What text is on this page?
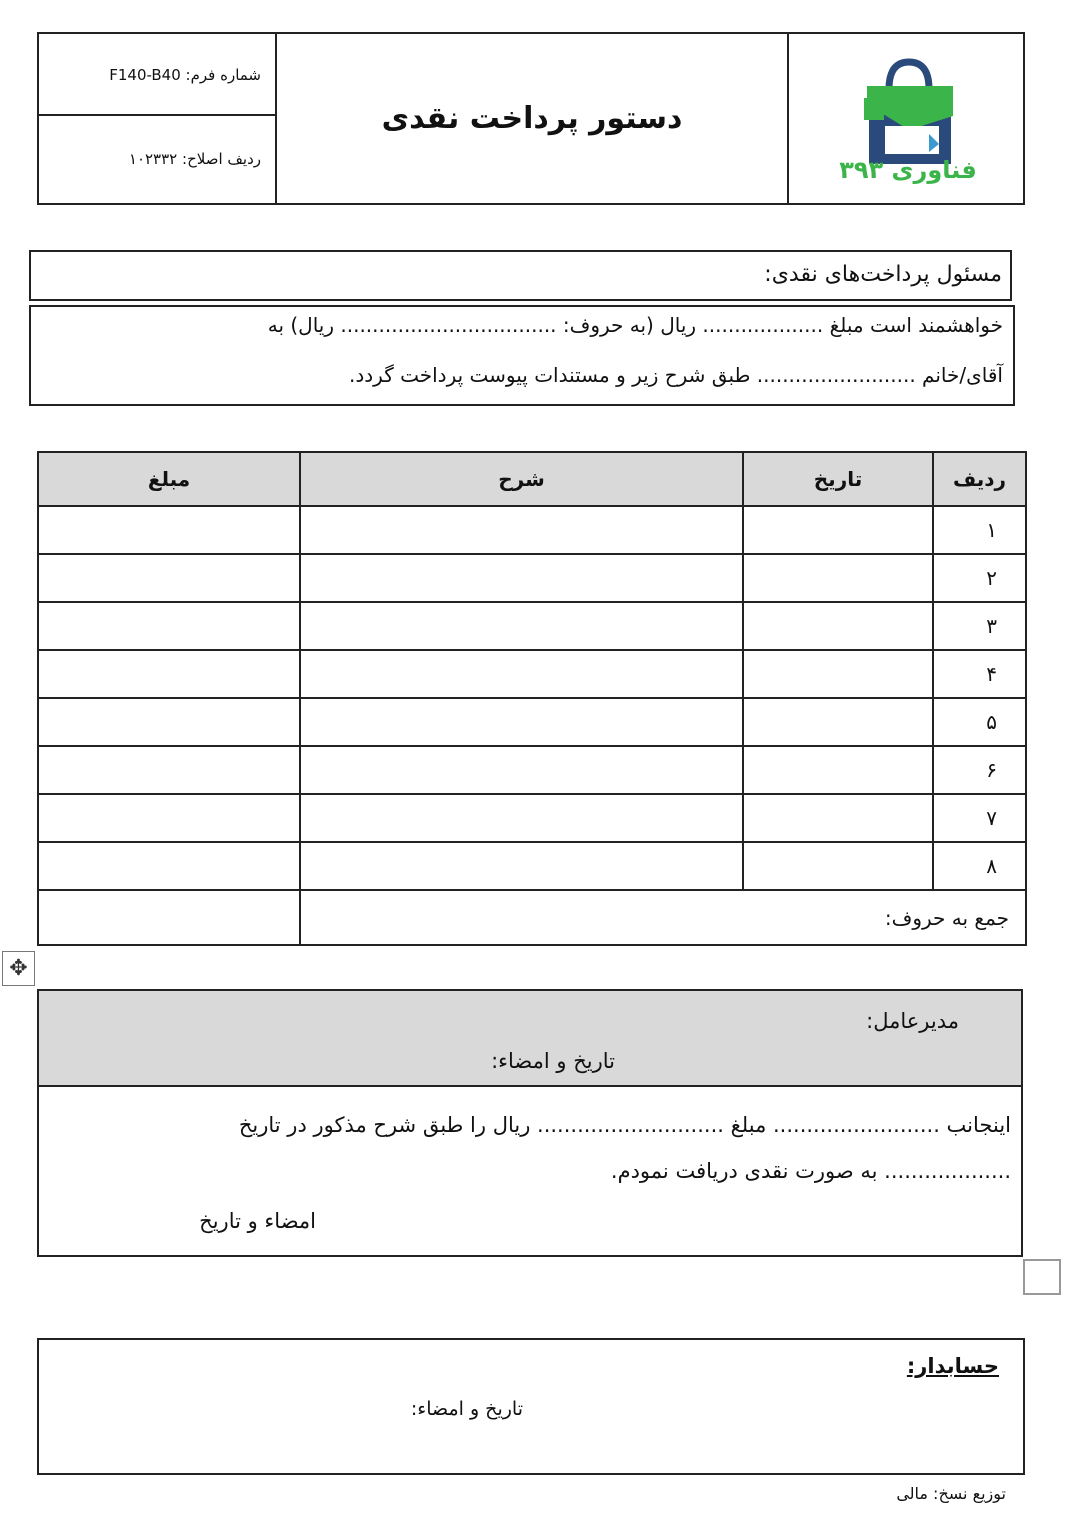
شماره فرم: F140-B40
ردیف اصلاح: ۱۰۲۳۳۲
دستور پرداخت نقدی
فناوری ۳۹۳
مسئول پرداخت‌های نقدی:
خواهشمند است مبلغ ................... ریال (به حروف: .................................. ریال) به
آقای/خانم ......................... طبق شرح زیر و مستندات پیوست پرداخت گردد.
ردیف	تاریخ	شرح	مبلغ
۱			
۲			
۳			
۴			
۵			
۶			
۷			
۸			
جمع به حروف:			
✥
مدیرعامل:
تاریخ و امضاء:
اینجانب ......................... مبلغ ............................ ریال را طبق شرح مذکور در تاریخ
................... به صورت نقدی دریافت نمودم.
امضاء و تاریخ
حسابدار:
تاریخ و امضاء:
توزیع نسخ: مالی
